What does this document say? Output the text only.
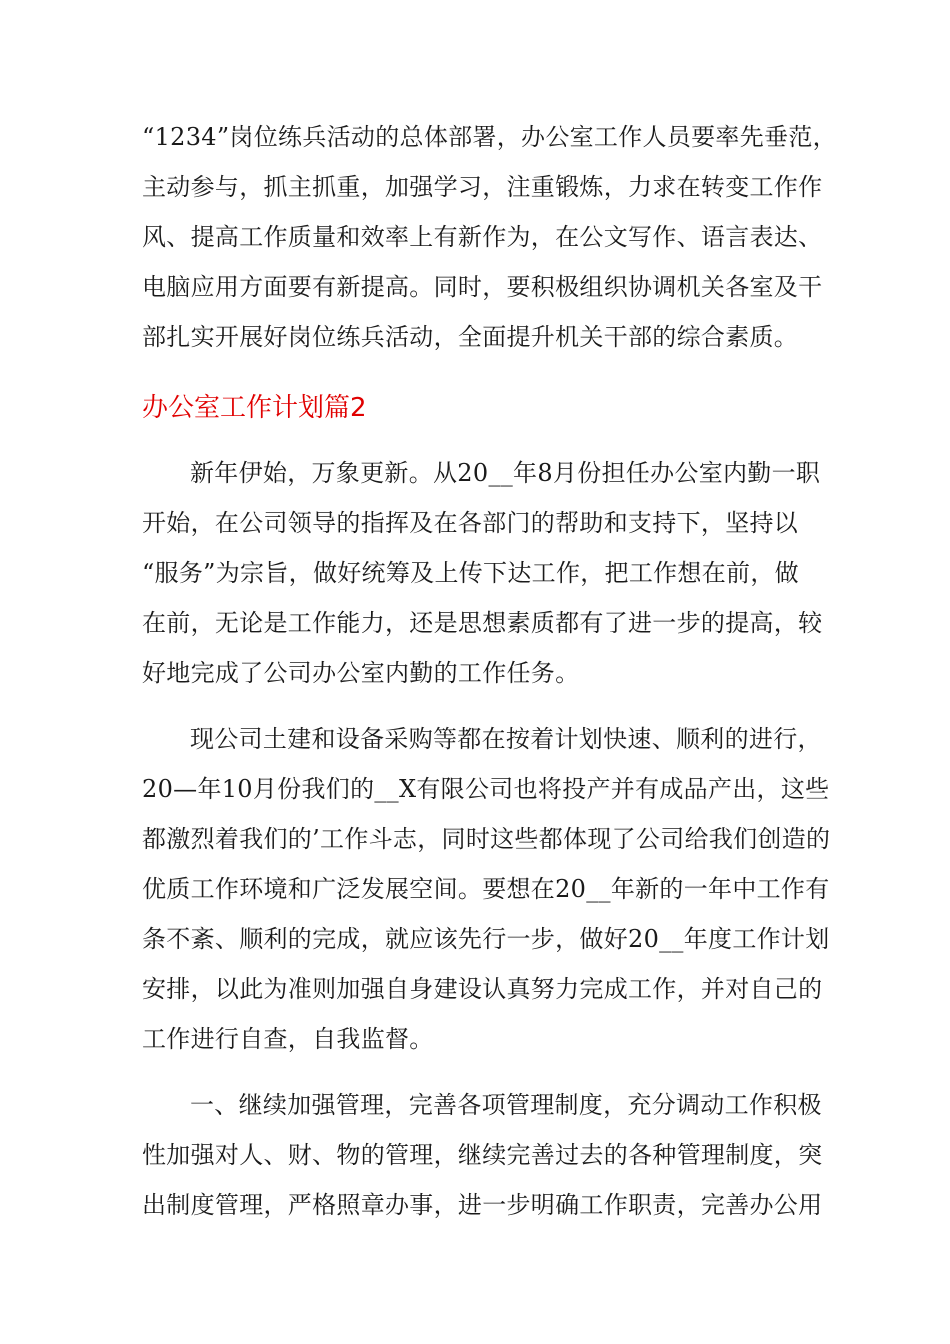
“1234”岗位练兵活动的总体部署，办公室工作人员要率先垂范，
主动参与，抓主抓重，加强学习，注重锻炼，力求在转变工作作
风、提高工作质量和效率上有新作为，在公文写作、语言表达、
电脑应用方面要有新提高。同时，要积极组织协调机关各室及干
部扎实开展好岗位练兵活动，全面提升机关干部的综合素质。
办公室工作计划篇2
新年伊始，万象更新。从20__年8月份担任办公室内勤一职
开始，在公司领导的指挥及在各部门的帮助和支持下，坚持以
“服务”为宗旨，做好统筹及上传下达工作，把工作想在前，做
在前，无论是工作能力，还是思想素质都有了进一步的提高，较
好地完成了公司办公室内勤的工作任务。
现公司土建和设备采购等都在按着计划快速、顺利的进行，
20—年10月份我们的__X有限公司也将投产并有成品产出，这些
都激烈着我们的’工作斗志，同时这些都体现了公司给我们创造的
优质工作环境和广泛发展空间。要想在20__年新的一年中工作有
条不紊、顺利的完成，就应该先行一步，做好20__年度工作计划
安排，以此为准则加强自身建设认真努力完成工作，并对自己的
工作进行自查，自我监督。
一、继续加强管理，完善各项管理制度，充分调动工作积极
性加强对人、财、物的管理，继续完善过去的各种管理制度，突
出制度管理，严格照章办事，进一步明确工作职责，完善办公用
